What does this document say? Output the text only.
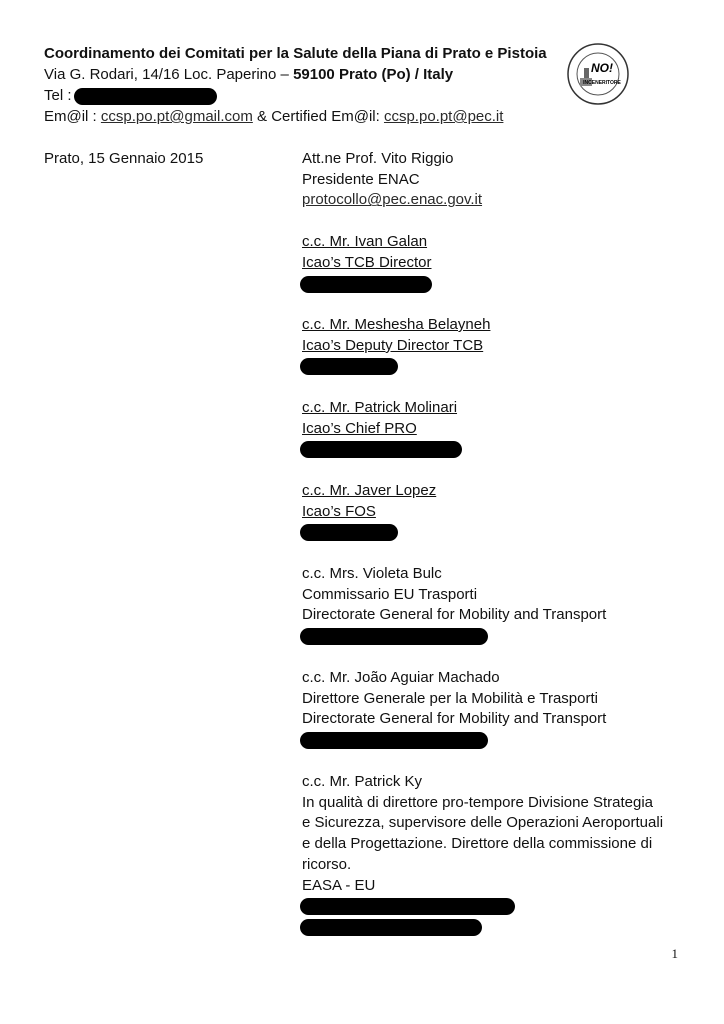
Coordinamento dei Comitati per la Salute della Piana di Prato e Pistoia
Via G. Rodari, 14/16 Loc. Paperino – 59100 Prato (Po) / Italy
Tel :
Em@il : ccsp.po.pt@gmail.com & Certified Em@il: ccsp.po.pt@pec.it
NO!
INCENERITORE
Prato, 15 Gennaio 2015	Att.ne Prof. Vito Riggio
Presidente ENAC
protocollo@pec.enac.gov.it
c.c. Mr. Ivan Galan
Icao’s TCB Director
c.c. Mr. Meshesha Belayneh
Icao’s Deputy Director TCB
c.c. Mr. Patrick Molinari
Icao’s Chief PRO
c.c. Mr. Javer Lopez
Icao’s FOS
c.c. Mrs. Violeta Bulc
Commissario EU Trasporti
Directorate General for Mobility and Transport
c.c. Mr. João Aguiar Machado
Direttore Generale per la Mobilità e Trasporti
Directorate General for Mobility and Transport
c.c. Mr. Patrick Ky
In qualità di direttore pro-tempore Divisione Strategia
e Sicurezza, supervisore delle Operazioni Aeroportuali
e della Progettazione. Direttore della commissione di
ricorso.
EASA - EU
1
